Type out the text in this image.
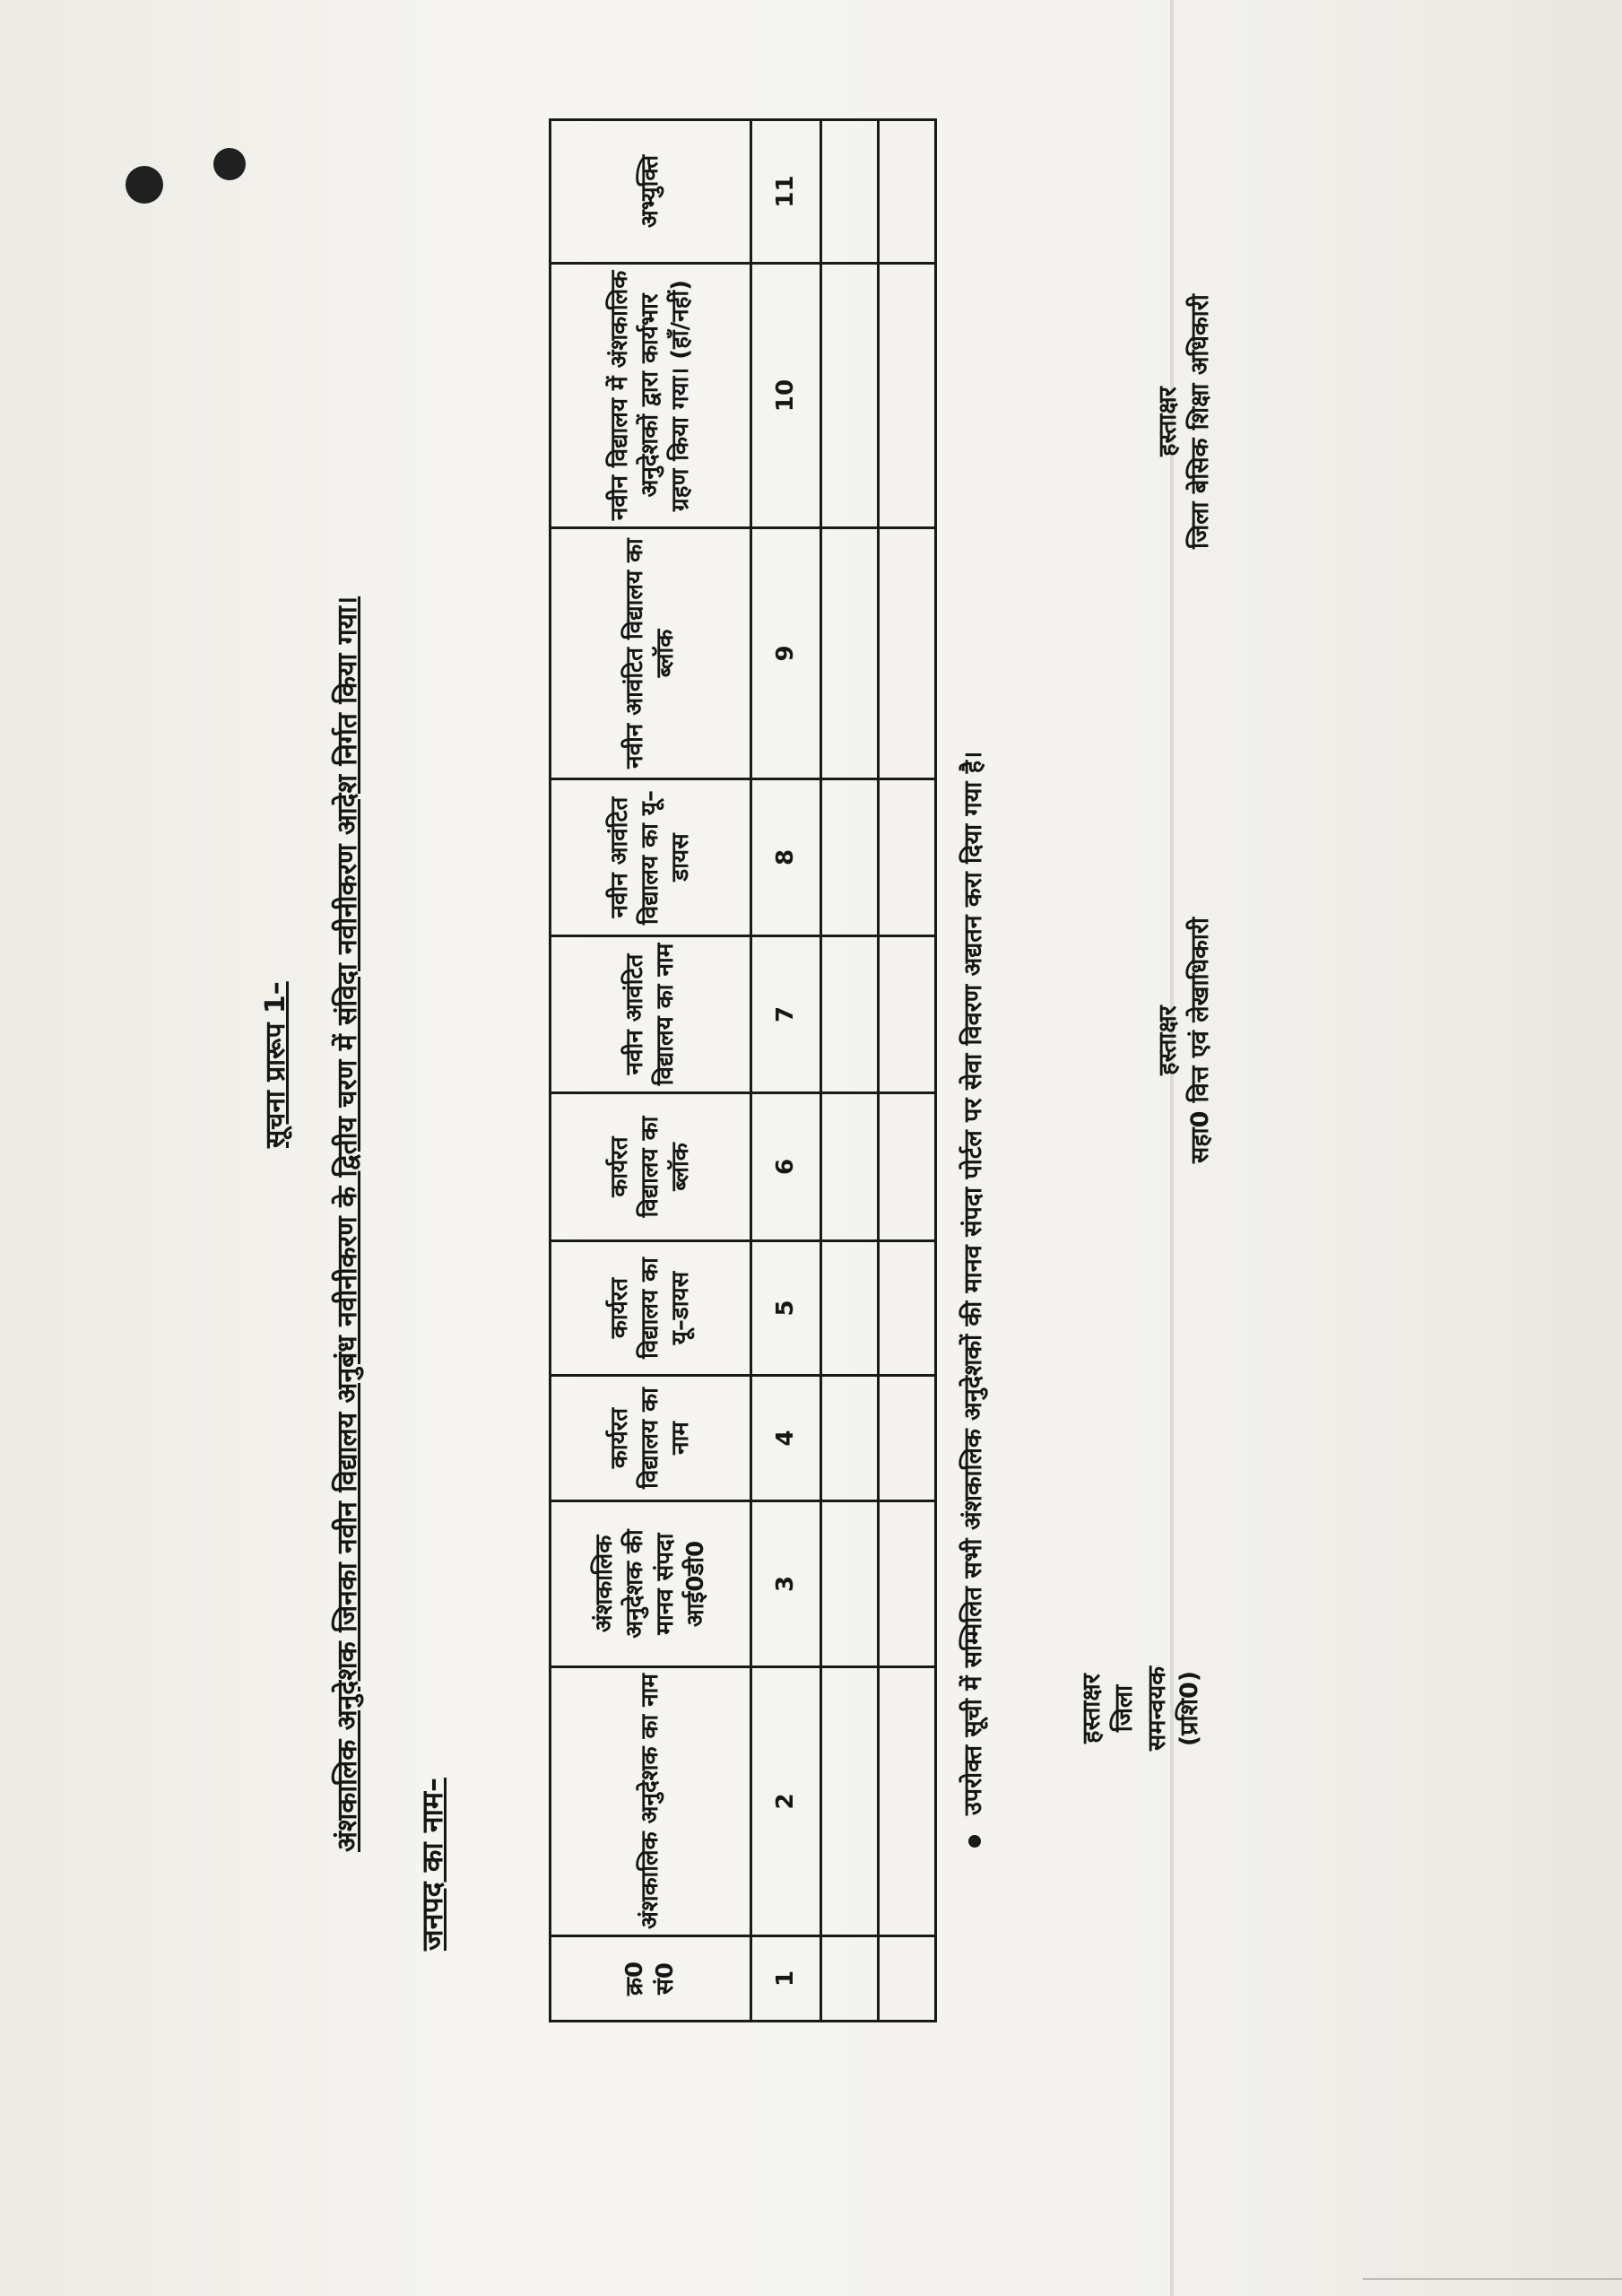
सूचना प्रारूप 1– अंशकालिक अनुदेशक जिनका नवीन विद्यालय अनुबंध नवीनीकरण के द्वितीय चरण में संविदा नवीनीकरण आदेश निर्गत किया गया।
जनपद का नाम–
क्र0 सं0	अंशकालिक अनुदेशक का नाम	अंशकालिक अनुदेशक की मानव संपदा आई0डी0	कार्यरत विद्यालय का नाम	कार्यरत विद्यालय का यू–डायस	कार्यरत विद्यालय का ब्लॉक	नवीन आवंटित विद्यालय का नाम	नवीन आवंटित विद्यालय का यू–डायस	नवीन आवंटित विद्यालय का ब्लॉक	नवीन विद्यालय में अंशकालिक अनुदेशकों द्वारा कार्यभार ग्रहण किया गया। (हॉं/नहीं)	अभ्युक्ति
1	2	3	4	5	6	7	8	9	10	11

उपरोक्त सूची में सम्मिलित सभी अंशकालिक अनुदेशकों की मानव संपदा पोर्टल पर सेवा विवरण अद्यतन करा दिया गया है।	हस्ताक्षर जिला समन्वयक (प्रशि0)
हस्ताक्षर सहा0 वित्त एवं लेखाधिकारी
हस्ताक्षर जिला बेसिक शिक्षा अधिकारी
